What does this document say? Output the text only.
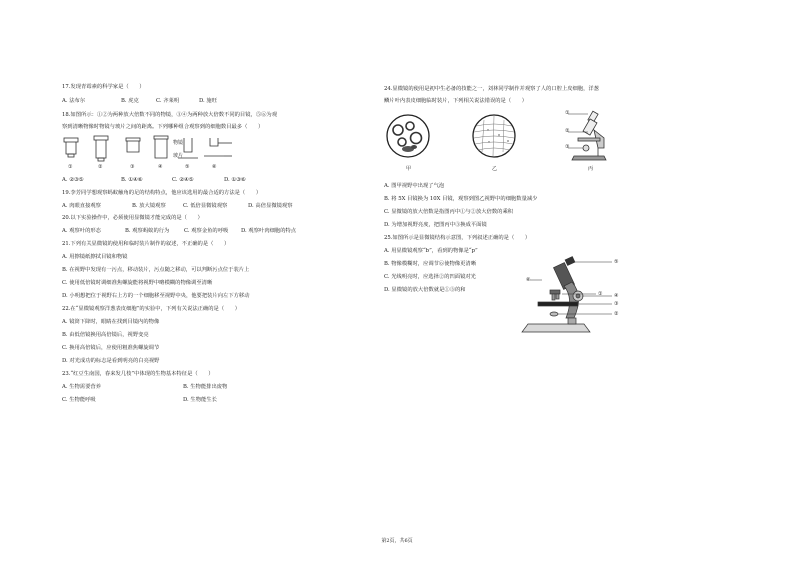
17.发现青霉素的科学家是（　　）
A. 法布尔	B. 虎克	C. 齐莱明	D. 施旺
18.如图所示：①②为两种放大倍数不同的物镜，③④为两种放大倍数不同的目镜，⑤⑥为观
察到清晰物像时物镜与玻片之间的距离。下列哪种组合观察到的细胞数目最多（　　）
物镜
玻片
①	②	③	④	⑤	⑥
A. ②③⑤	B. ①④⑥	C. ②④⑤	D. ①③⑥
19.李芳同学想观察蚂蚁触角的足的结构特点，他应该选用的最合适的方法是（　　）
A. 肉眼直接观察	B. 放大镜观察	C. 低倍显微镜观察	D. 高倍显微镜观察
20.以下实验操作中，必须使用显微镜才能完成的是（　　）
A. 观察叶的形态	B. 观察蚂蚁的行为	C. 观察金鱼的呼吸 D. 观察叶肉细胞的特点
21.下列有关显微镜的使用和临时装片制作的叙述，不正确的是（　　）
A. 用擦镜纸擦拭目镜和物镜
B. 在视野中发现有一污点，移动装片，污点随之移动，可以判断污点位于装片上
C. 使用低倍镜时调细准焦螺旋能将视野中略模糊的物像调至清晰
D. 小明想把位于视野右上方的一个细胞移至视野中央，他要把装片向左下方移动
22.在“显微镜观察洋葱表皮细胞”的实验中，下列有关说法正确的是（　　）
A. 镜筒下降时，眼睛在找到目镜内的物像
B. 由低倍镜换用高倍镜后，视野变亮
C. 换用高倍镜后，应使用粗准焦螺旋调节
D. 对光成功的标志是看到明亮的白亮视野
23.“红豆生南国，春来发几枝”中体现的生物基本特征是（　　）
A. 生物需要营养	B. 生物能排出废物
C. 生物能呼吸	D. 生物能生长
24.显微镜的使用是初中生必备的技能之一，刘林同学制作并观察了人的口腔上皮细胞，洋葱
鳞片叶内表皮细胞临时装片，下列相关说法错误的是（　　）
①
②
③
甲	乙	丙
A. 图甲视野中出现了气泡
B. 将 5X 目镜换为 10X 目镜，观察到图乙视野中的细胞数量减少
C. 显微镜的放大倍数是指图丙中①与②放大倍数的乘积
D. 为增加视野亮度，把图丙中③换成平面镜
25.如图所示是显微镜结构示意图，下列叙述正确的是（　　）
A. 用显微镜观察“b”，看到的物像是“p”
B. 物像模糊时，应调节⑥使物像更清晰
C. 光线明亮时，应选择②的凹面镜对光
D. 显微镜的放大倍数就是①③的和
⑤
⑥
① ④
③
②
第2页，共6页
